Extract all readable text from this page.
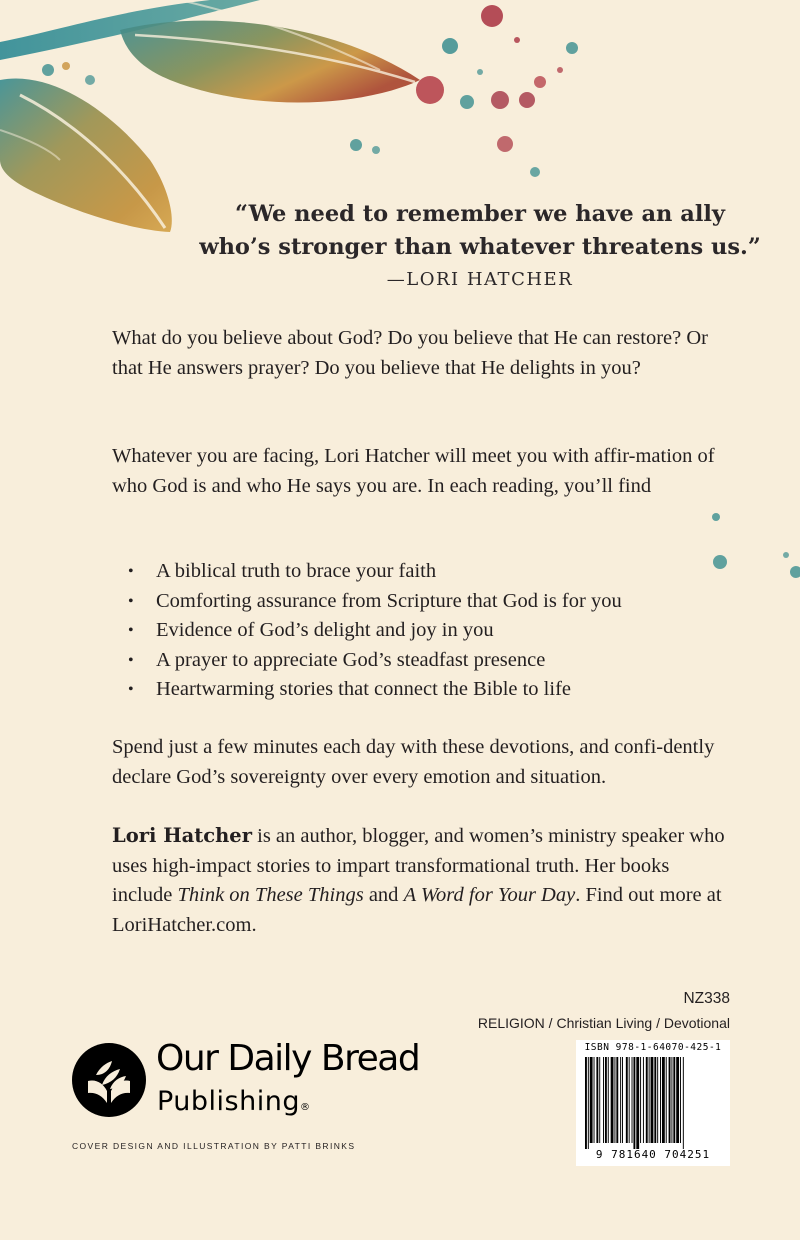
“We need to remember we have an ally
who’s stronger than whatever threatens us.”
—LORI HATCHER
What do you believe about God? Do you believe that He can restore? Or that He answers prayer? Do you believe that He delights in you?
Whatever you are facing, Lori Hatcher will meet you with affir-mation of who God is and who He says you are. In each reading, you’ll find
• A biblical truth to brace your faith
• Comforting assurance from Scripture that God is for you
• Evidence of God’s delight and joy in you
• A prayer to appreciate God’s steadfast presence
• Heartwarming stories that connect the Bible to life
Spend just a few minutes each day with these devotions, and confi-dently declare God’s sovereignty over every emotion and situation.
Lori Hatcher is an author, blogger, and women’s ministry speaker who uses high-impact stories to impart transformational truth. Her books include Think on These Things and A Word for Your Day. Find out more at LoriHatcher.com.
NZ338
RELIGION / Christian Living / Devotional
ISBN 978-1-64070-425-1
9 781640 704251
Our Daily Bread
Publishing®
COVER DESIGN AND ILLUSTRATION BY PATTI BRINKS
